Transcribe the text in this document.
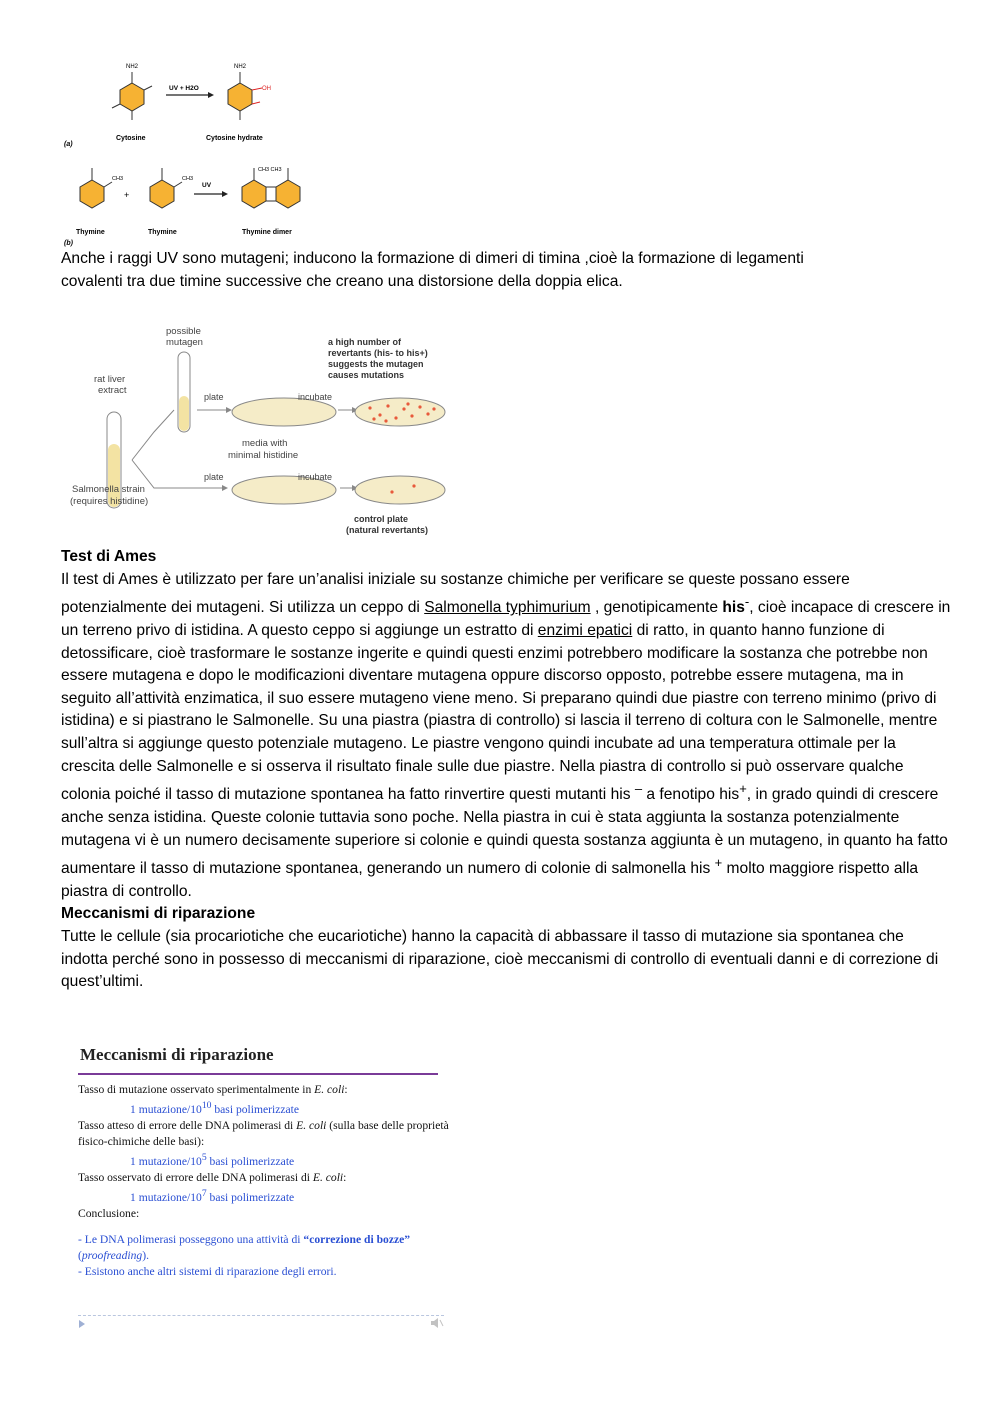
NH2
UV + H2O
NH2
OH
Cytosine	Cytosine hydrate
(a)
CH3
+
CH3
UV
CH3 CH3
Thymine	Thymine	Thymine dimer
(b)
Anche i raggi UV sono mutageni; inducono la formazione di dimeri di timina ,cioè la formazione di legamenti
covalenti tra due timine successive che creano una distorsione della doppia elica.
possible
mutagen
rat liver
extract
plate
plate
incubate
media with
minimal histidine
incubate
a high number of
revertants (his- to his+)
suggests the mutagen
causes mutations
Salmonella strain
(requires histidine)
control plate
(natural revertants)
Test di Ames
Il test di Ames è utilizzato per fare un’analisi iniziale su sostanze chimiche per verificare se queste possano essere potenzialmente dei mutageni. Si utilizza un ceppo di Salmonella typhimurium , genotipicamente his-, cioè incapace di crescere in un terreno privo di istidina. A questo ceppo si aggiunge un estratto di enzimi epatici di ratto, in quanto hanno funzione di detossificare, cioè trasformare le sostanze ingerite e quindi questi enzimi potrebbero modificare la sostanza che potrebbe non essere mutagena e dopo le modificazioni diventare mutagena oppure discorso opposto, potrebbe essere mutagena, ma in seguito all’attività enzimatica, il suo essere mutageno viene meno. Si preparano quindi due piastre con terreno minimo (privo di istidina) e si piastrano le Salmonelle. Su una piastra (piastra di controllo) si lascia il terreno di coltura con le Salmonelle, mentre sull’altra si aggiunge questo potenziale mutageno. Le piastre vengono quindi incubate ad una temperatura ottimale per la crescita delle Salmonelle e si osserva il risultato finale sulle due piastre. Nella piastra di controllo si può osservare qualche colonia poiché il tasso di mutazione spontanea ha fatto rinvertire questi mutanti his – a fenotipo his+, in grado quindi di crescere anche senza istidina. Queste colonie tuttavia sono poche. Nella piastra in cui è stata aggiunta la sostanza potenzialmente mutagena vi è un numero decisamente superiore si colonie e quindi questa sostanza aggiunta è un mutageno, in quanto ha fatto aumentare il tasso di mutazione spontanea, generando un numero di colonie di salmonella his + molto maggiore rispetto alla piastra di controllo.
Meccanismi di riparazione
Tutte le cellule (sia procariotiche che eucariotiche) hanno la capacità di abbassare il tasso di mutazione sia spontanea che indotta perché sono in possesso di meccanismi di riparazione, cioè meccanismi di controllo di eventuali danni e di correzione di quest’ultimi.
Meccanismi di riparazione
Tasso di mutazione osservato sperimentalmente in E. coli:
1 mutazione/$10^{10}$ basi polimerizzate
Tasso atteso di errore delle DNA polimerasi di E. coli (sulla base delle proprietà fisico-chimiche delle basi):
1 mutazione/$10^5$ basi polimerizzate
Tasso osservato di errore delle DNA polimerasi di E. coli:
1 mutazione/$10^7$ basi polimerizzate
Conclusione:
- Le DNA polimerasi posseggono una attività di “correzione di bozze” (proofreading).
- Esistono anche altri sistemi di riparazione degli errori.
